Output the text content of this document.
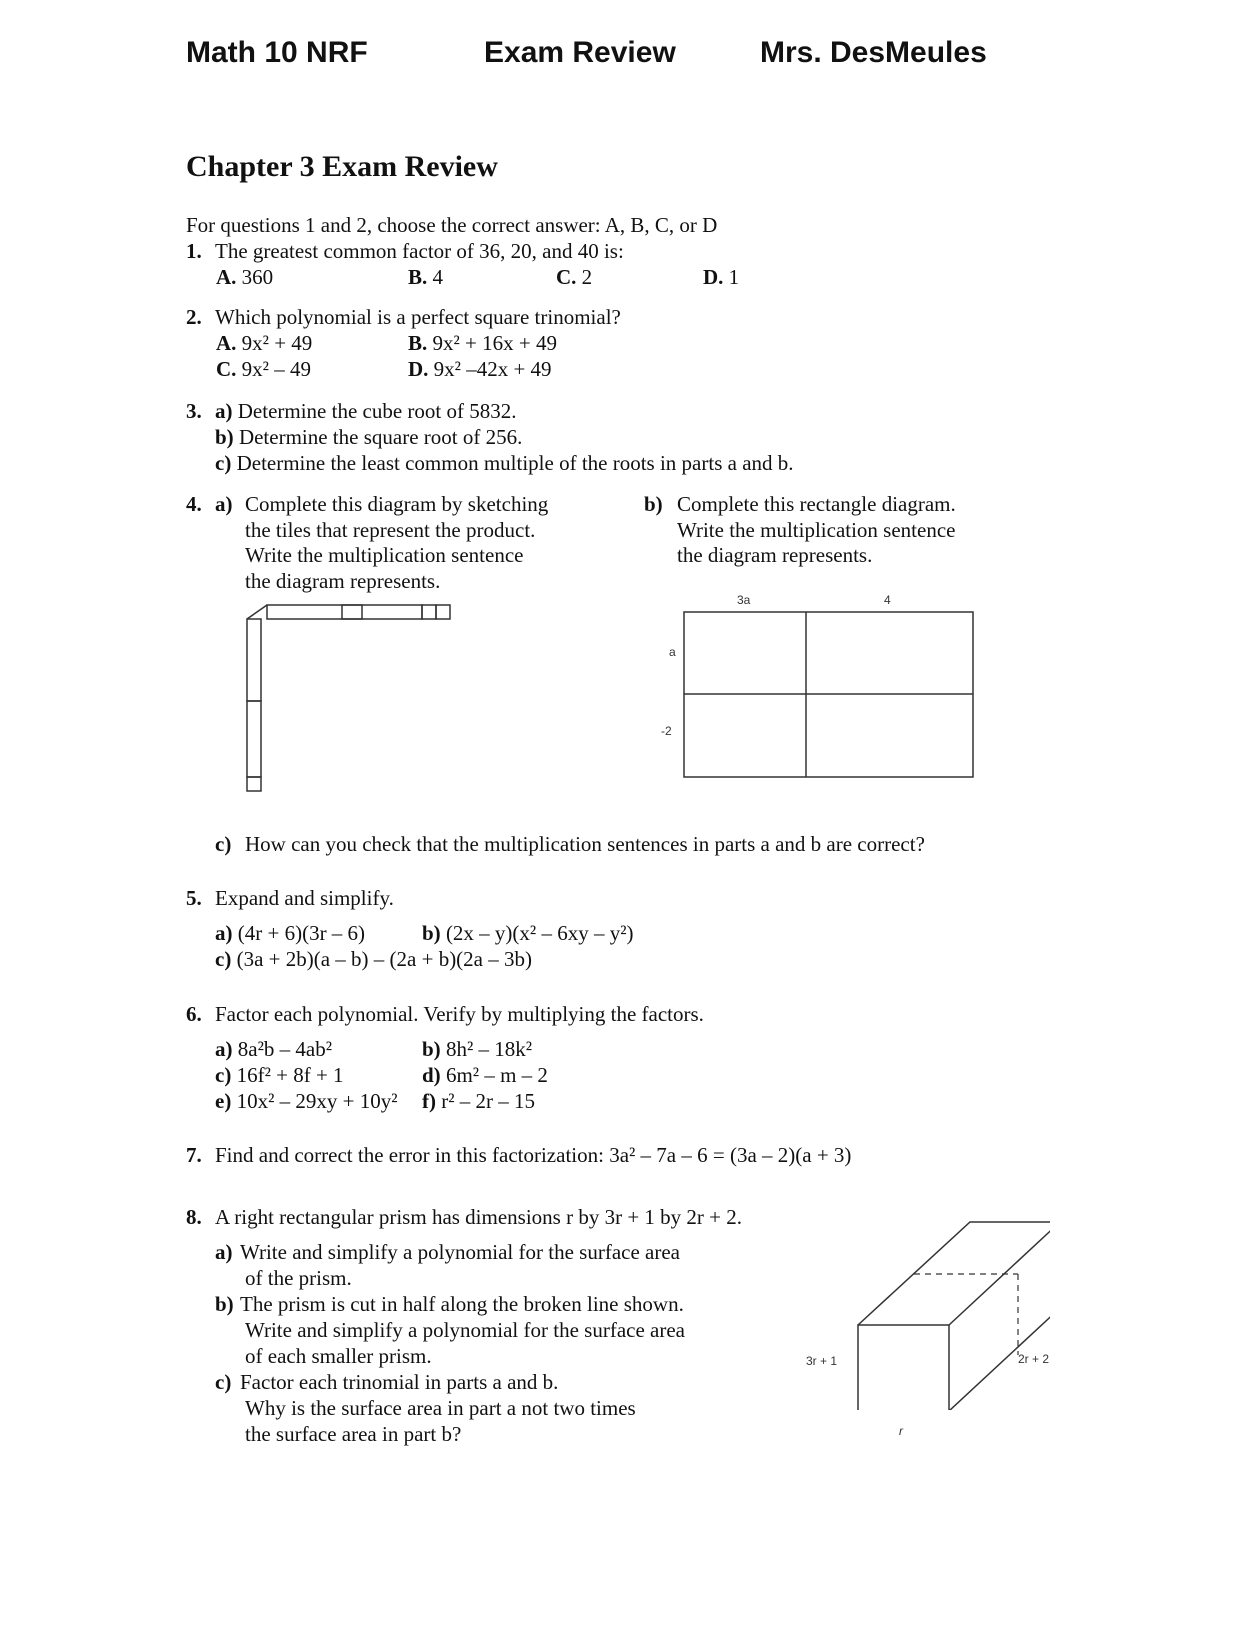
Math 10 NRF	Exam Review	Mrs. DesMeules
Chapter 3 Exam Review
For questions 1 and 2, choose the correct answer: A, B, C, or D
1. The greatest common factor of 36, 20, and 40 is:
A. 360	B. 4	C. 2	D. 1
2. Which polynomial is a perfect square trinomial?
A. 9x² + 49	B. 9x² + 16x + 49
C. 9x² – 49	D. 9x² –42x + 49
3. a) Determine the cube root of 5832.
b) Determine the square root of 256.
c) Determine the least common multiple of the roots in parts a and b.
4. a) Complete this diagram by sketching
the tiles that represent the product.
Write the multiplication sentence
the diagram represents.
b) Complete this rectangle diagram.
Write the multiplication sentence
the diagram represents.
3a	4
a
-2
c) How can you check that the multiplication sentences in parts a and b are correct?
5. Expand and simplify.
a) (4r + 6)(3r – 6)	b) (2x – y)(x² – 6xy – y²)
c) (3a + 2b)(a – b) – (2a + b)(2a – 3b)
6. Factor each polynomial. Verify by multiplying the factors.
a) 8a²b – 4ab²	b) 8h² – 18k²
c) 16f² + 8f + 1	d) 6m² – m – 2
e) 10x² – 29xy + 10y² f) r² – 2r – 15
7. Find and correct the error in this factorization: 3a² – 7a – 6 = (3a – 2)(a + 3)
8. A right rectangular prism has dimensions r by 3r + 1 by 2r + 2.
a) Write and simplify a polynomial for the surface area
of the prism.
b) The prism is cut in half along the broken line shown.
Write and simplify a polynomial for the surface area
of each smaller prism.
c) Factor each trinomial in parts a and b.
Why is the surface area in part a not two times
the surface area in part b?
3r + 1	2r + 2
r
